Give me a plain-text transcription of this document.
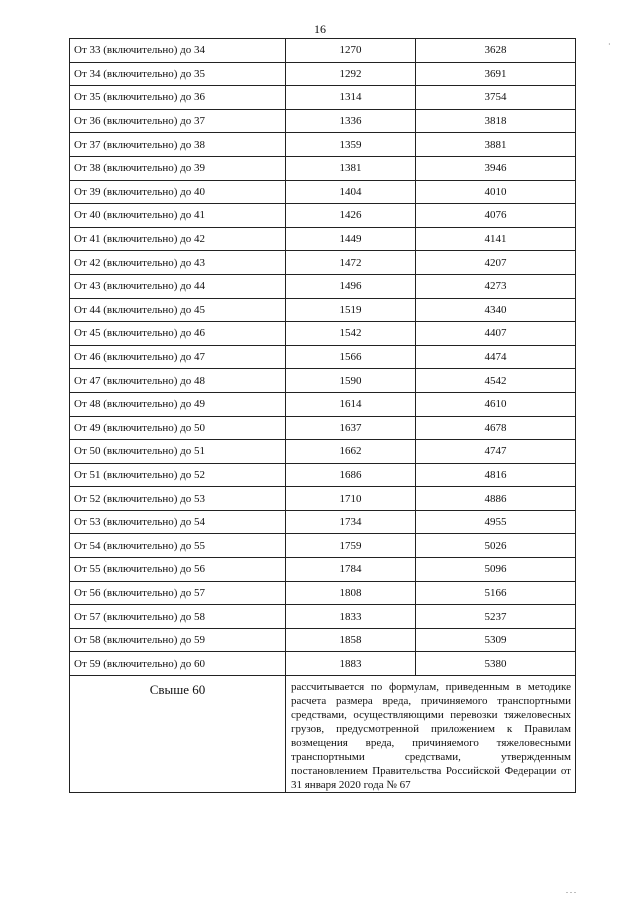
16
От 33 (включительно) до 34	1270	3628
От 34 (включительно) до 35	1292	3691
От 35 (включительно) до 36	1314	3754
От 36 (включительно) до 37	1336	3818
От 37 (включительно) до 38	1359	3881
От 38 (включительно) до 39	1381	3946
От 39 (включительно) до 40	1404	4010
От 40 (включительно) до 41	1426	4076
От 41 (включительно) до 42	1449	4141
От 42 (включительно) до 43	1472	4207
От 43 (включительно) до 44	1496	4273
От 44 (включительно) до 45	1519	4340
От 45 (включительно) до 46	1542	4407
От 46 (включительно) до 47	1566	4474
От 47 (включительно) до 48	1590	4542
От 48 (включительно) до 49	1614	4610
От 49 (включительно) до 50	1637	4678
От 50 (включительно) до 51	1662	4747
От 51 (включительно) до 52	1686	4816
От 52 (включительно) до 53	1710	4886
От 53 (включительно) до 54	1734	4955
От 54 (включительно) до 55	1759	5026
От 55 (включительно) до 56	1784	5096
От 56 (включительно) до 57	1808	5166
От 57 (включительно) до 58	1833	5237
От 58 (включительно) до 59	1858	5309
От 59 (включительно) до 60	1883	5380
Свыше 60	рассчитывается по формулам, приведенным в методике расчета размера вреда, причиняемого транспортными средствами, осуществляющими перевозки тяжеловесных грузов, предусмотренной приложением к Правилам возмещения вреда, причиняемого тяжеловесными транспортными средствами, утвержденным постановлением Правительства Российской Федерации от 31 января 2020 года № 67	
·
. . .
